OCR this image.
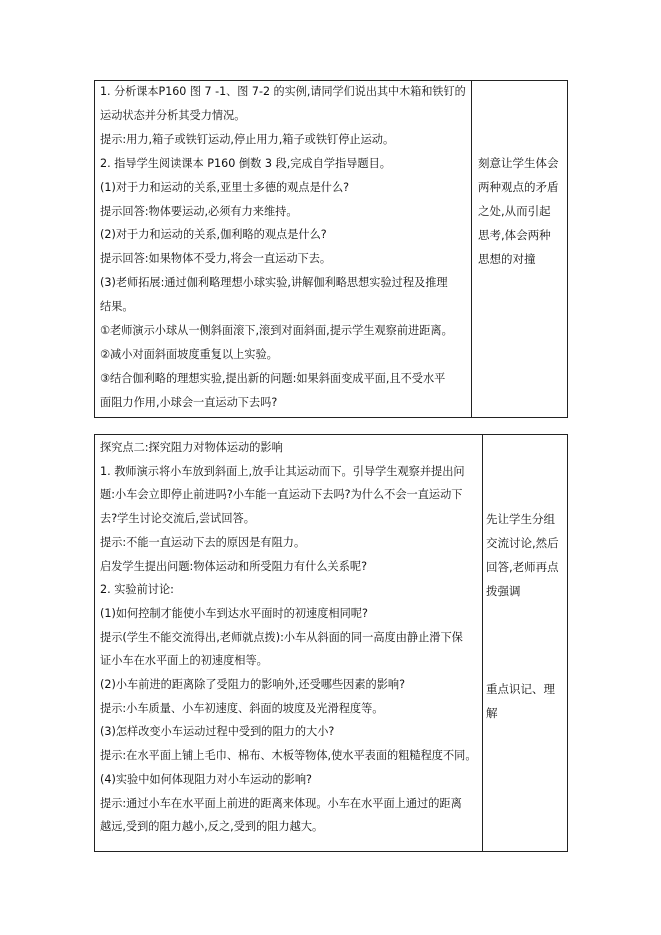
1. 分析课本P160 图 7 -1、图 7-2 的实例,请同学们说出其中木箱和铁钉的
运动状态并分析其受力情况。
提示:用力,箱子或铁钉运动,停止用力,箱子或铁钉停止运动。
2. 指导学生阅读课本 P160 倒数 3 段,完成自学指导题目。
(1)对于力和运动的关系,亚里士多德的观点是什么?
提示回答:物体要运动,必须有力来维持。
(2)对于力和运动的关系,伽利略的观点是什么?
提示回答:如果物体不受力,将会一直运动下去。
(3)老师拓展:通过伽利略理想小球实验,讲解伽利略思想实验过程及推理
结果。
①老师演示小球从一侧斜面滚下,滚到对面斜面,提示学生观察前进距离。
②减小对面斜面坡度重复以上实验。
③结合伽利略的理想实验,提出新的问题:如果斜面变成平面,且不受水平
面阻力作用,小球会一直运动下去吗?
刻意让学生体会
两种观点的矛盾
之处,从而引起
思考,体会两种
思想的对撞
探究点二:探究阻力对物体运动的影响
1. 教师演示将小车放到斜面上,放手让其运动而下。引导学生观察并提出问
题:小车会立即停止前进吗?小车能一直运动下去吗?为什么不会一直运动下
去?学生讨论交流后,尝试回答。
提示:不能一直运动下去的原因是有阻力。
启发学生提出问题:物体运动和所受阻力有什么关系呢?
2. 实验前讨论:
(1)如何控制才能使小车到达水平面时的初速度相同呢?
提示(学生不能交流得出,老师就点拨):小车从斜面的同一高度由静止滑下保
证小车在水平面上的初速度相等。
(2)小车前进的距离除了受阻力的影响外,还受哪些因素的影响?
提示:小车质量、小车初速度、斜面的坡度及光滑程度等。
(3)怎样改变小车运动过程中受到的阻力的大小?
提示:在水平面上铺上毛巾、棉布、木板等物体,使水平表面的粗糙程度不同。
(4)实验中如何体现阻力对小车运动的影响?
提示:通过小车在水平面上前进的距离来体现。小车在水平面上通过的距离
越远,受到的阻力越小,反之,受到的阻力越大。
先让学生分组
交流讨论,然后
回答,老师再点
拨强调
重点识记、理
解
